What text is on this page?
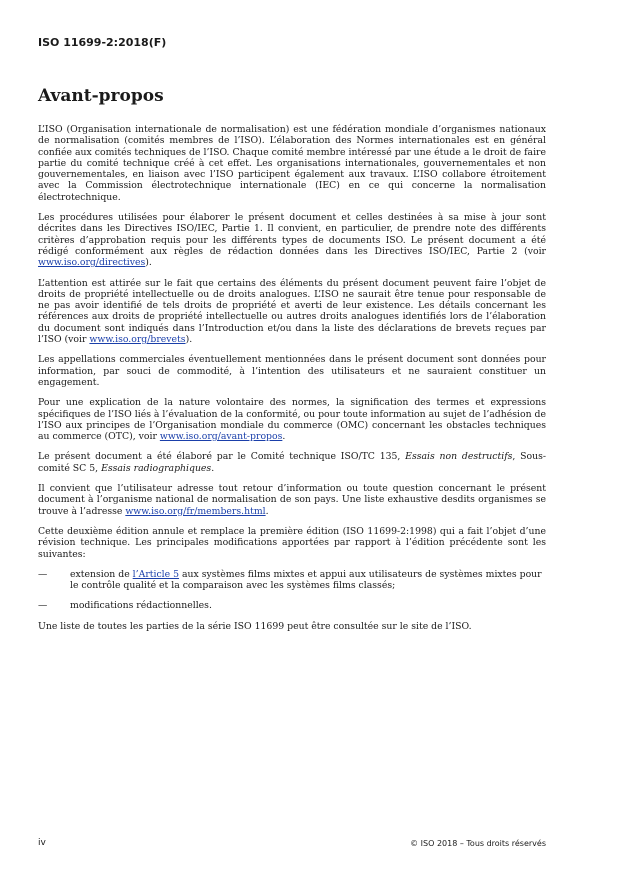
ISO 11699-2:2018(F)
Avant-propos

L’ISO (Organisation internationale de normalisation) est une fédération mondiale d’organismes nationaux de normalisation (comités membres de l’ISO). L’élaboration des Normes internationales est en général confiée aux comités techniques de l’ISO. Chaque comité membre intéressé par une étude a le droit de faire partie du comité technique créé à cet effet. Les organisations internationales, gouvernementales et non gouvernementales, en liaison avec l’ISO participent également aux travaux. L’ISO collabore étroitement avec la Commission électrotechnique internationale (IEC) en ce qui concerne la normalisation électrotechnique.

Les procédures utilisées pour élaborer le présent document et celles destinées à sa mise à jour sont décrites dans les Directives ISO/IEC, Partie 1. Il convient, en particulier, de prendre note des différents critères d’approbation requis pour les différents types de documents ISO. Le présent document a été rédigé conformément aux règles de rédaction données dans les Directives ISO/IEC, Partie 2 (voir www.iso.org/directives).

L’attention est attirée sur le fait que certains des éléments du présent document peuvent faire l’objet de droits de propriété intellectuelle ou de droits analogues. L’ISO ne saurait être tenue pour responsable de ne pas avoir identifié de tels droits de propriété et averti de leur existence. Les détails concernant les références aux droits de propriété intellectuelle ou autres droits analogues identifiés lors de l’élaboration du document sont indiqués dans l’Introduction et/ou dans la liste des déclarations de brevets reçues par l’ISO (voir www.iso.org/brevets).

Les appellations commerciales éventuellement mentionnées dans le présent document sont données pour information, par souci de commodité, à l’intention des utilisateurs et ne sauraient constituer un engagement.

Pour une explication de la nature volontaire des normes, la signification des termes et expressions spécifiques de l’ISO liés à l’évaluation de la conformité, ou pour toute information au sujet de l’adhésion de l’ISO aux principes de l’Organisation mondiale du commerce (OMC) concernant les obstacles techniques au commerce (OTC), voir www.iso.org/avant-propos.

Le présent document a été élaboré par le Comité technique ISO/TC 135, Essais non destructifs, Sous-comité SC 5, Essais radiographiques.

Il convient que l’utilisateur adresse tout retour d’information ou toute question concernant le présent document à l’organisme national de normalisation de son pays. Une liste exhaustive desdits organismes se trouve à l’adresse www.iso.org/fr/members.html.

Cette deuxième édition annule et remplace la première édition (ISO 11699-2:1998) qui a fait l’objet d’une révision technique. Les principales modifications apportées par rapport à l’édition précédente sont les suivantes:

—	extension de l’Article 5 aux systèmes films mixtes et appui aux utilisateurs de systèmes mixtes pour le contrôle qualité et la comparaison avec les systèmes films classés;
—	modifications rédactionnelles.

Une liste de toutes les parties de la série ISO 11699 peut être consultée sur le site de l’ISO.

iv	© ISO 2018 – Tous droits réservés
